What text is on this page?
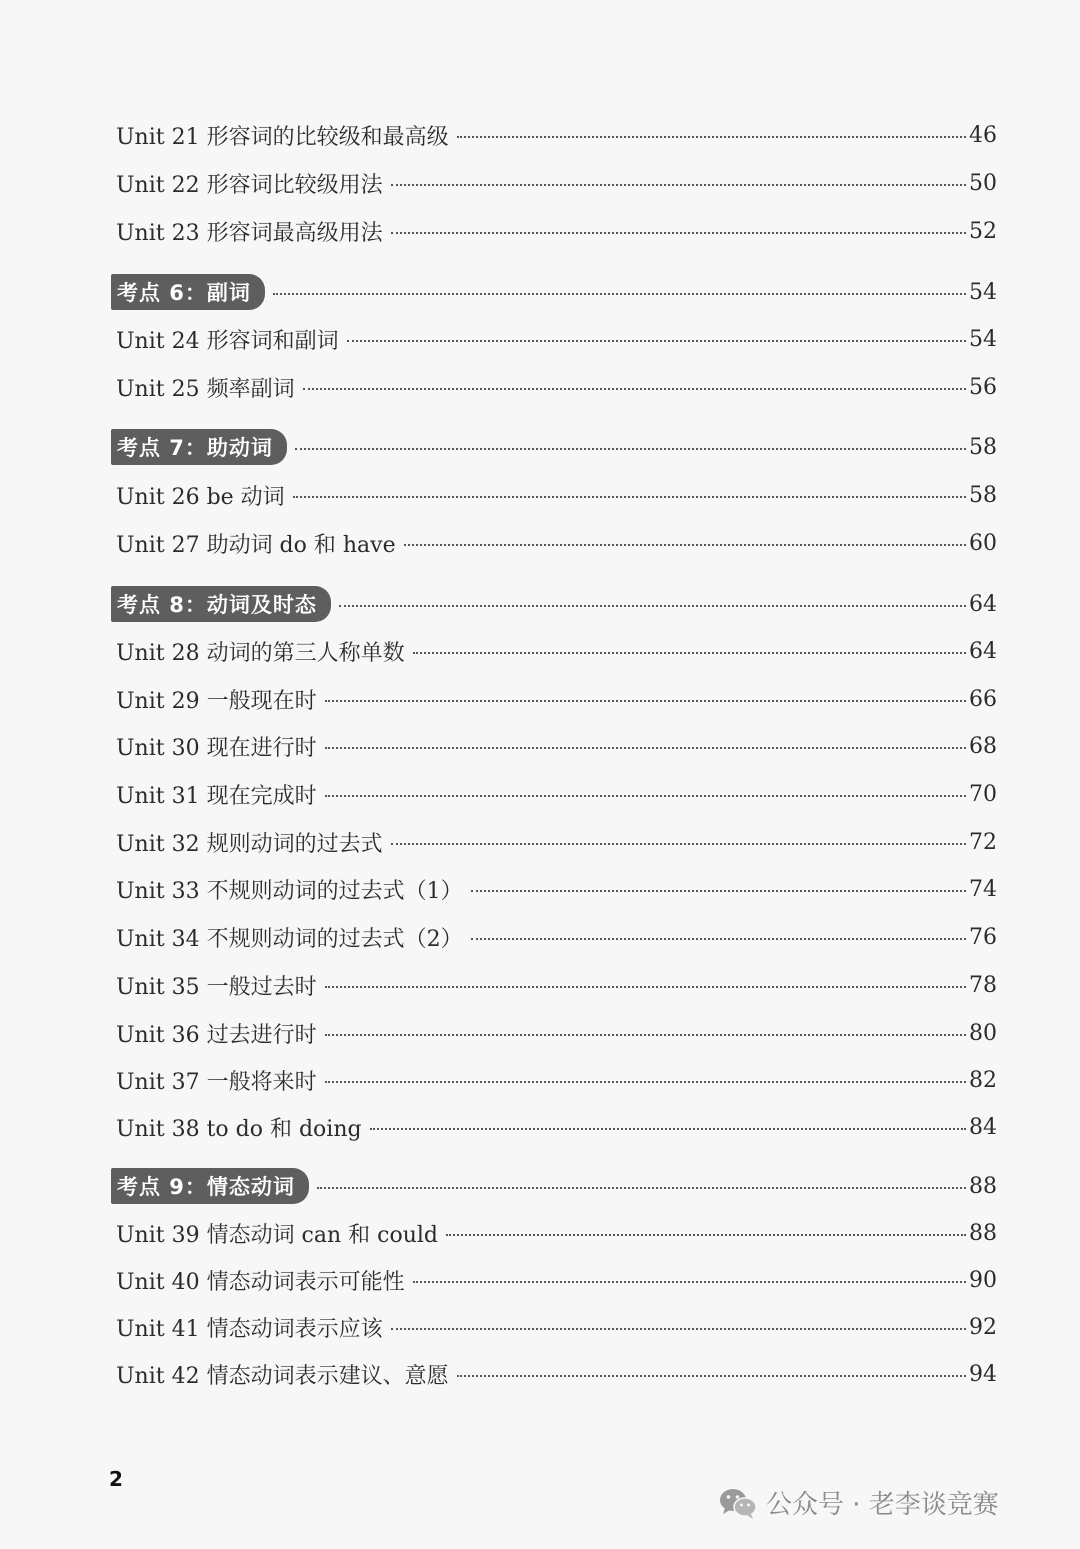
Unit 21 形容词的比较级和最高级	46
Unit 22 形容词比较级用法	50
Unit 23 形容词最高级用法	52
考点 6：副词	54
Unit 24 形容词和副词	54
Unit 25 频率副词	56
考点 7：助动词	58
Unit 26 be 动词	58
Unit 27 助动词 do 和 have	60
考点 8：动词及时态	64
Unit 28 动词的第三人称单数	64
Unit 29 一般现在时	66
Unit 30 现在进行时	68
Unit 31 现在完成时	70
Unit 32 规则动词的过去式	72
Unit 33 不规则动词的过去式（1）	74
Unit 34 不规则动词的过去式（2）	76
Unit 35 一般过去时	78
Unit 36 过去进行时	80
Unit 37 一般将来时	82
Unit 38 to do 和 doing	84
考点 9：情态动词	88
Unit 39 情态动词 can 和 could	88
Unit 40 情态动词表示可能性	90
Unit 41 情态动词表示应该	92
Unit 42 情态动词表示建议、意愿	94
2
公众号 · 老李谈竞赛
